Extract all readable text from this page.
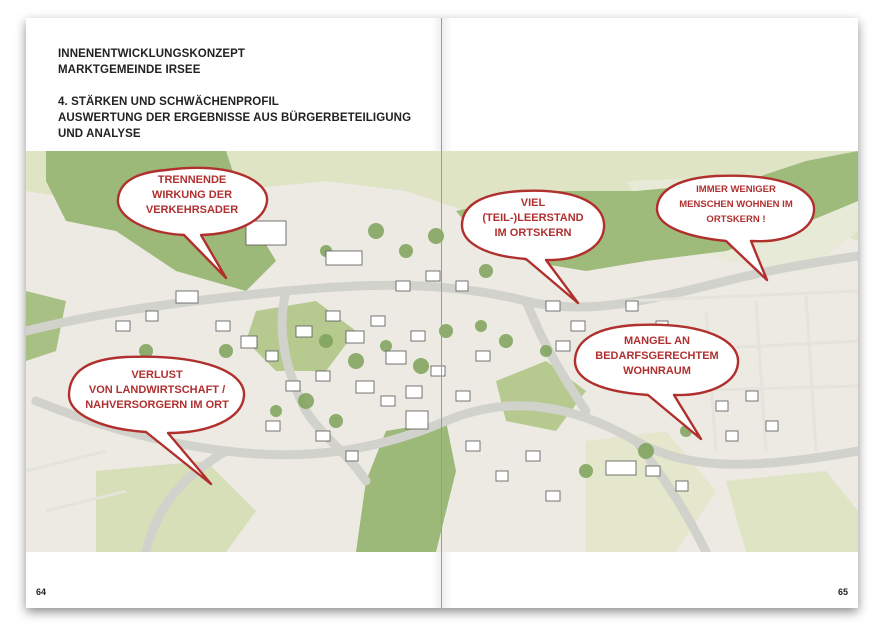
INNENENTWICKLUNGSKONZEPT
MARKTGEMEINDE IRSEE
4. STÄRKEN UND SCHWÄCHENPROFIL
AUSWERTUNG DER ERGEBNISSE AUS BÜRGERBETEILIGUNG
UND ANALYSE
TRENNENDE
WIRKUNG DER
VERKEHRSADER
VIEL
(TEIL-)LEERSTAND
IM ORTSKERN
IMMER WENIGER
MENSCHEN WOHNEN IM
ORTSKERN !
MANGEL AN
BEDARFSGERECHTEM
WOHNRAUM
VERLUST
VON LANDWIRTSCHAFT /
NAHVERSORGERN IM ORT
64	65
